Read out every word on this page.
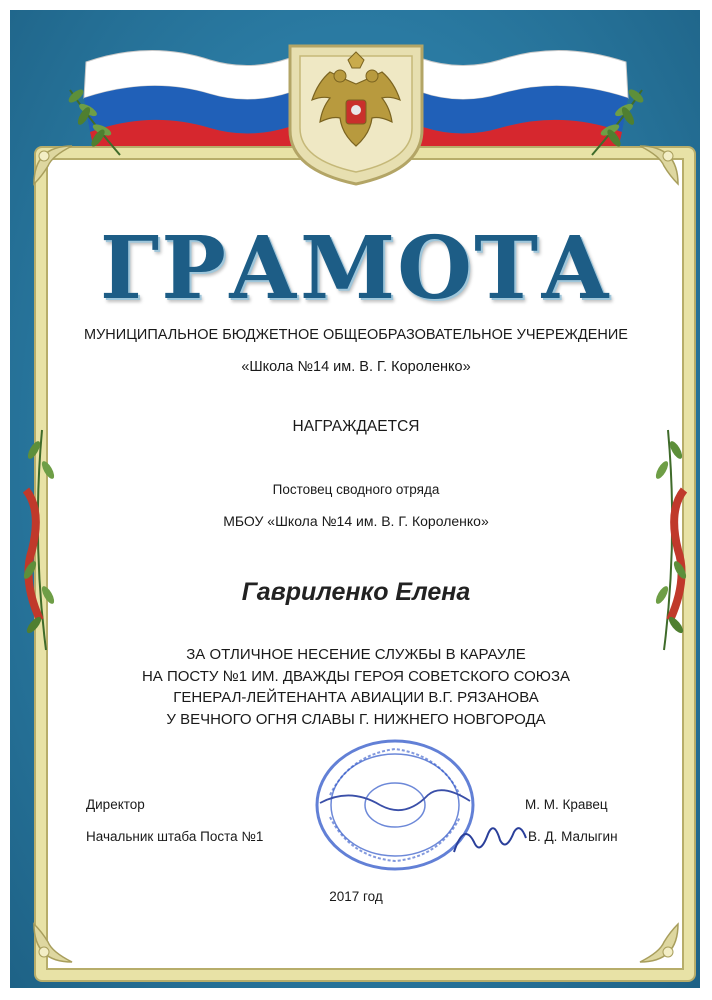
ГРАМОТА
МУНИЦИПАЛЬНОЕ БЮДЖЕТНОЕ ОБЩЕОБРАЗОВАТЕЛЬНОЕ УЧЕРЕЖДЕНИЕ
«Школа №14 им. В. Г. Короленко»
НАГРАЖДАЕТСЯ
Постовец сводного отряда
МБОУ «Школа №14 им. В. Г. Короленко»
Гавриленко Елена
ЗА ОТЛИЧНОЕ НЕСЕНИЕ СЛУЖБЫ В КАРАУЛЕ
НА ПОСТУ №1 ИМ. ДВАЖДЫ ГЕРОЯ СОВЕТСКОГО СОЮЗА
ГЕНЕРАЛ-ЛЕЙТЕНАНТА АВИАЦИИ В.Г. РЯЗАНОВА
У ВЕЧНОГО ОГНЯ СЛАВЫ Г. НИЖНЕГО НОВГОРОДА
Директор	М. М. Кравец
Начальник штаба Поста №1	В. Д. Малыгин
2017 год
